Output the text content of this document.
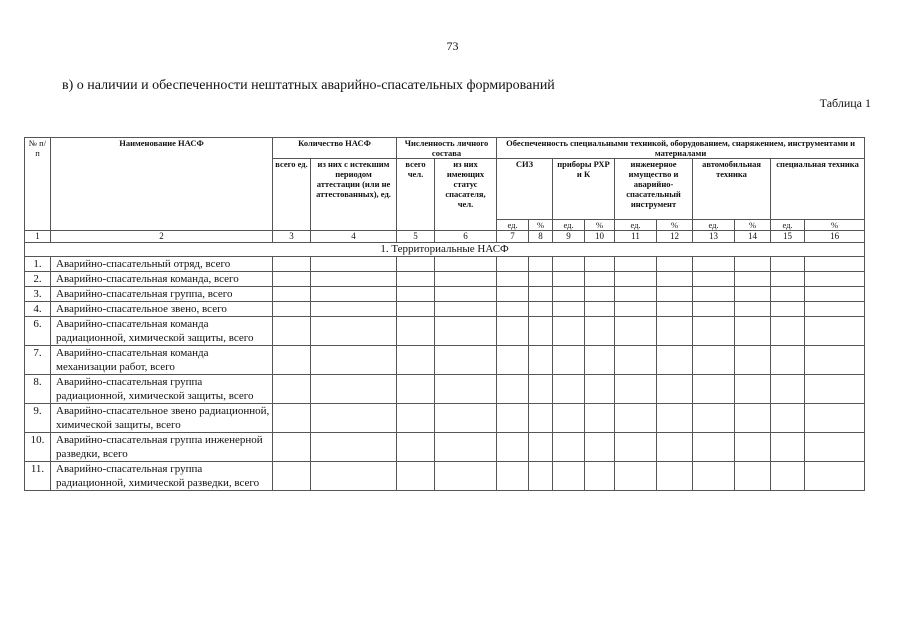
73
в) о наличии и обеспеченности нештатных аварийно-спасательных формирований
Таблица 1
№ п/п	Наименование НАСФ	Количество НАСФ		Численность личного состава		Обеспеченность специальными техникой, оборудованием, снаряжением, инструментами и материалами									
		всего ед.	из них с истекшим периодом аттестации (или не аттестованных), ед.	всего чел.	из них имеющих статус спасателя, чел.	СИЗ		приборы РХР и К		инженерное имущество и аварийно-спасательный инструмент		автомобильная техника		специальная техника	
						ед.	%	ед.	%	ед.	%	ед.	%	ед.	%
1	2	3	4	5	6	7	8	9	10	11	12	13	14	15	16
1. Территориальные НАСФ															
1.	Аварийно-спасательный отряд, всего														
2.	Аварийно-спасательная команда, всего														
3.	Аварийно-спасательная группа, всего														
4.	Аварийно-спасательное звено, всего														
6.	Аварийно-спасательная команда радиационной, химической защиты, всего														
7.	Аварийно-спасательная команда механизации работ, всего														
8.	Аварийно-спасательная группа радиационной, химической защиты, всего														
9.	Аварийно-спасательное звено радиационной, химической защиты, всего														
10.	Аварийно-спасательная группа инженерной разведки, всего														
11.	Аварийно-спасательная группа радиационной, химической разведки, всего														
